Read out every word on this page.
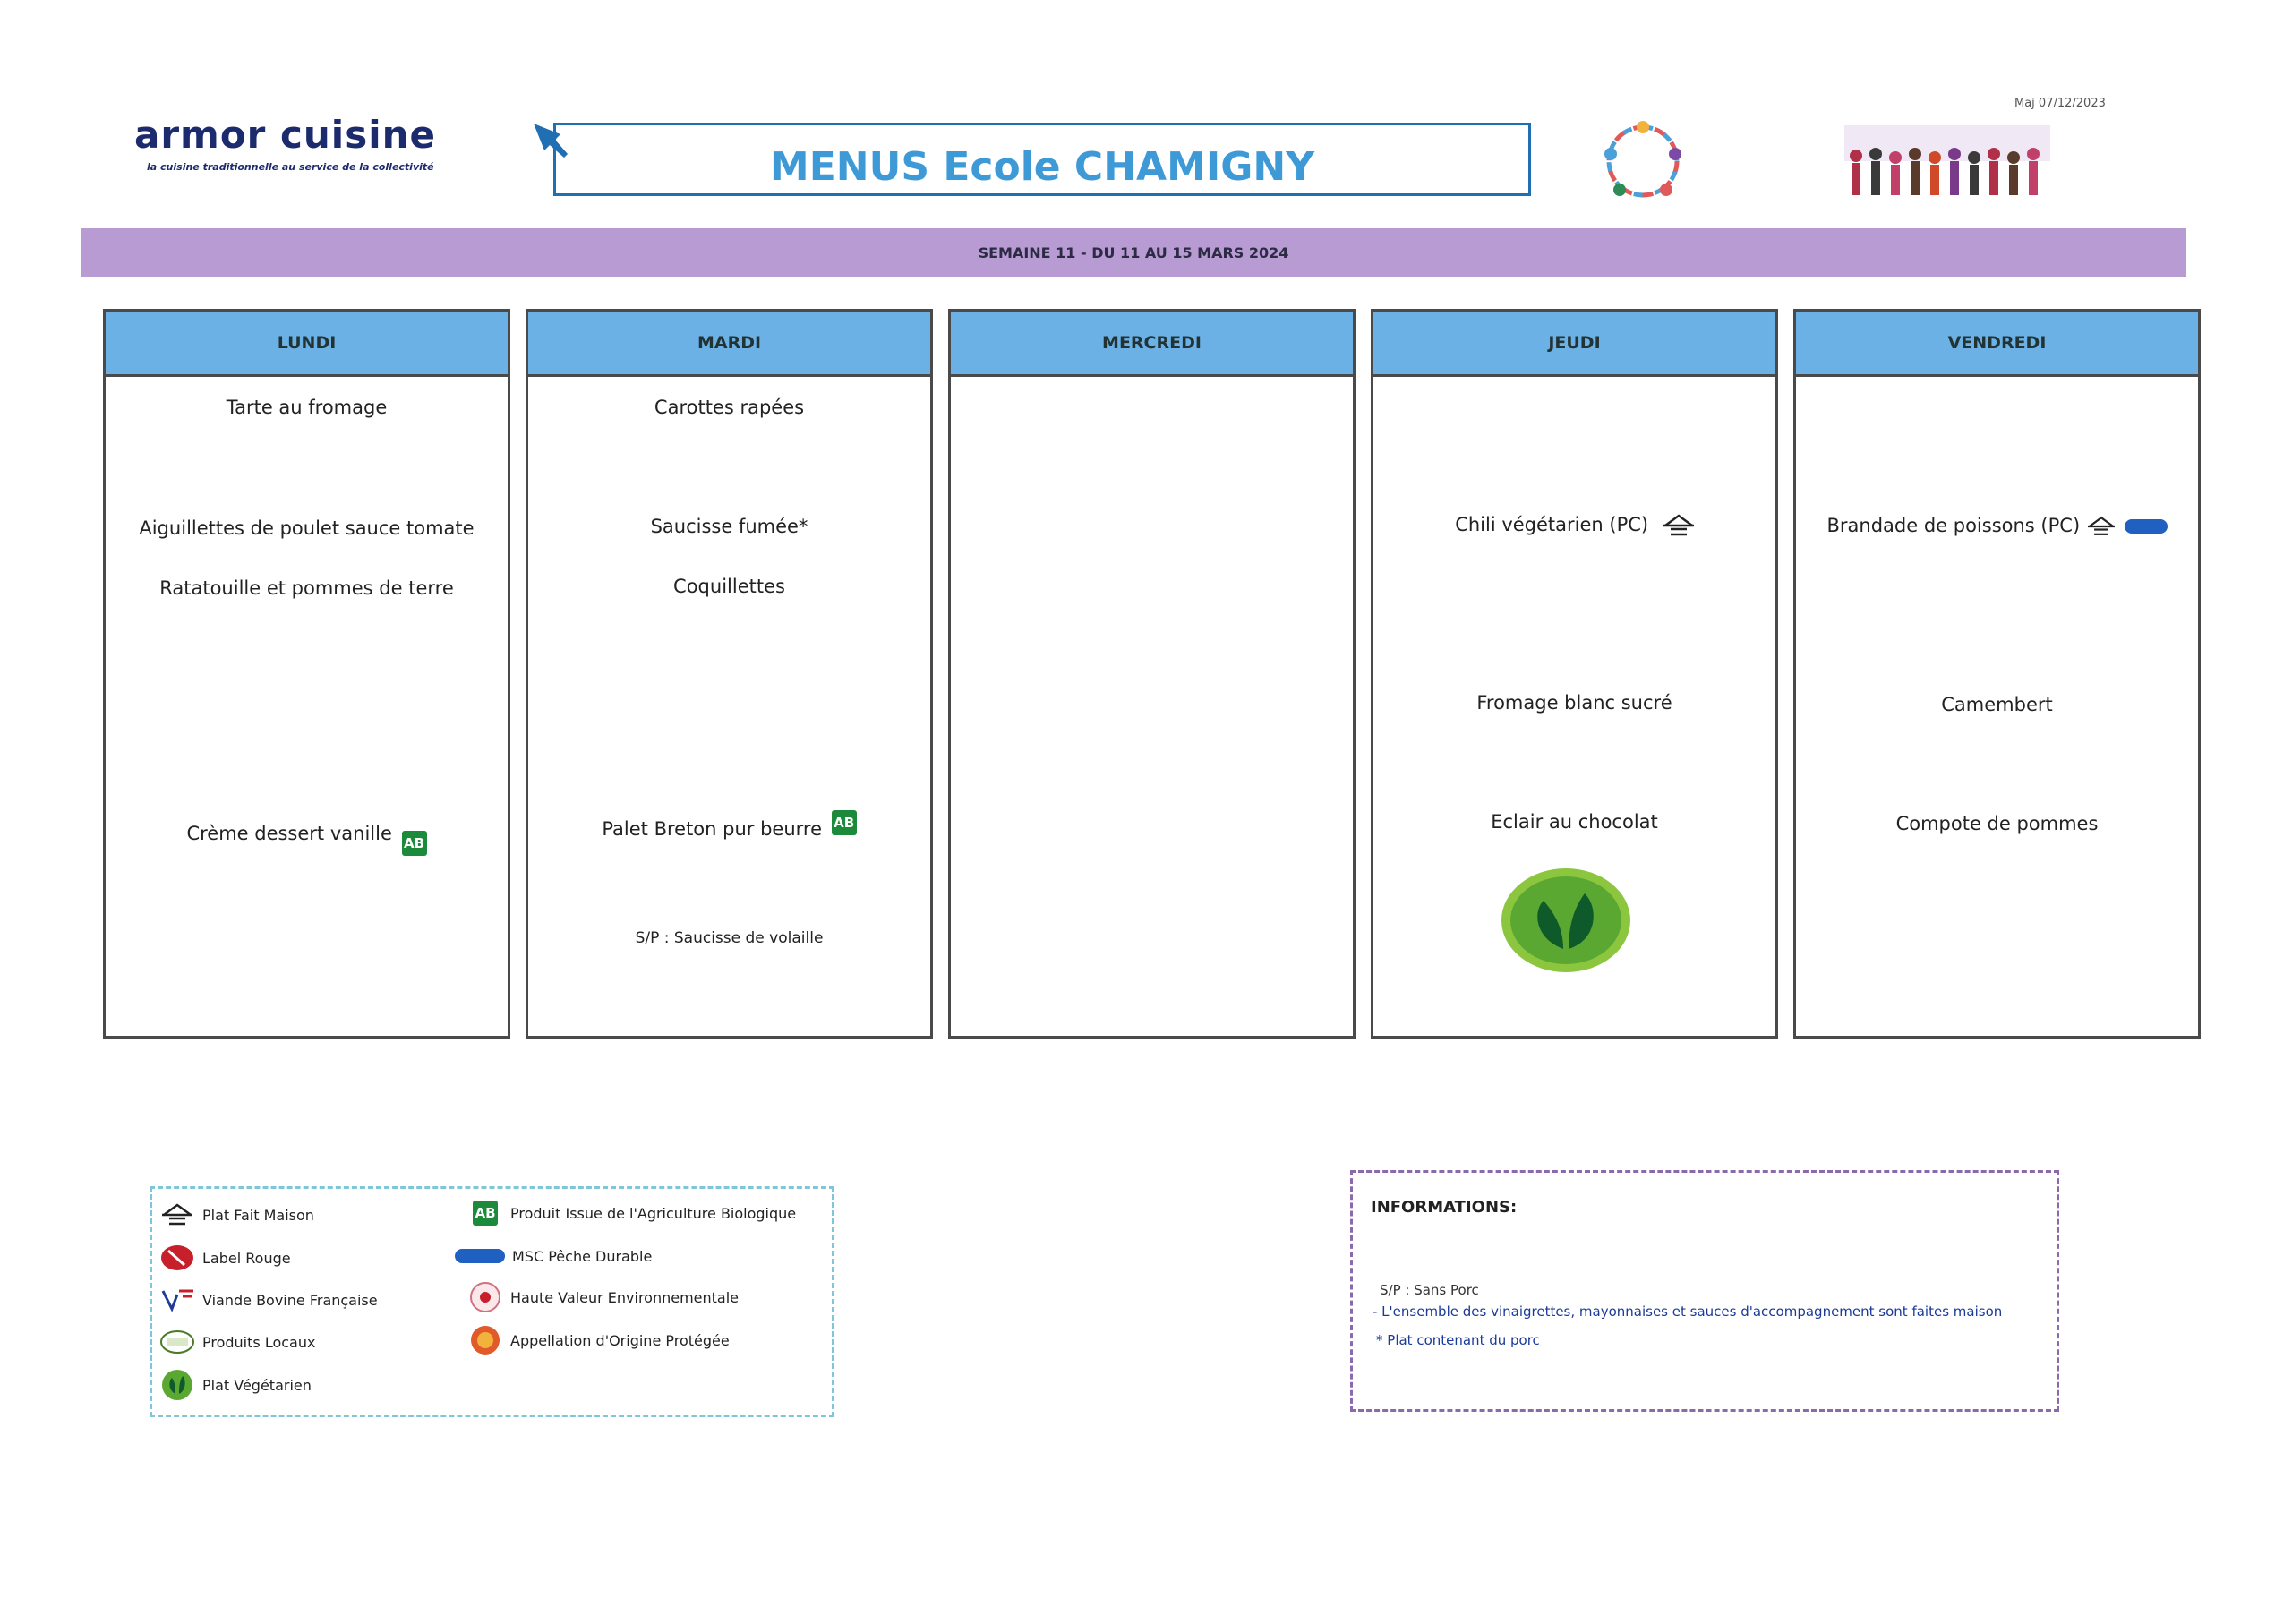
armor cuisine
la cuisine traditionnelle au service de la collectivité
Maj 07/12/2023
MENUS Ecole CHAMIGNY
SEMAINE 11 - DU 11 AU 15 MARS 2024
LUNDI
Tarte au fromage
Aiguillettes de poulet sauce tomate
Ratatouille et pommes de terre
Crème dessert vanille AB
MARDI
Carottes rapées
Saucisse fumée*
Coquillettes
Palet Breton pur beurre AB
S/P : Saucisse de volaille
MERCREDI	JEUDI
Chili végétarien (PC)
Fromage blanc sucré
Eclair au chocolat
VENDREDI
Brandade de poissons (PC)
Camembert
Compote de pommes
Plat Fait Maison
Label Rouge
Viande Bovine Française
Produits Locaux
Plat Végétarien
AB Produit Issue de l'Agriculture Biologique
MSC Pêche Durable
Haute Valeur Environnementale
Appellation d'Origine Protégée
INFORMATIONS:
S/P : Sans Porc
- L'ensemble des vinaigrettes, mayonnaises et sauces d'accompagnement sont faites maison
* Plat contenant du porc
